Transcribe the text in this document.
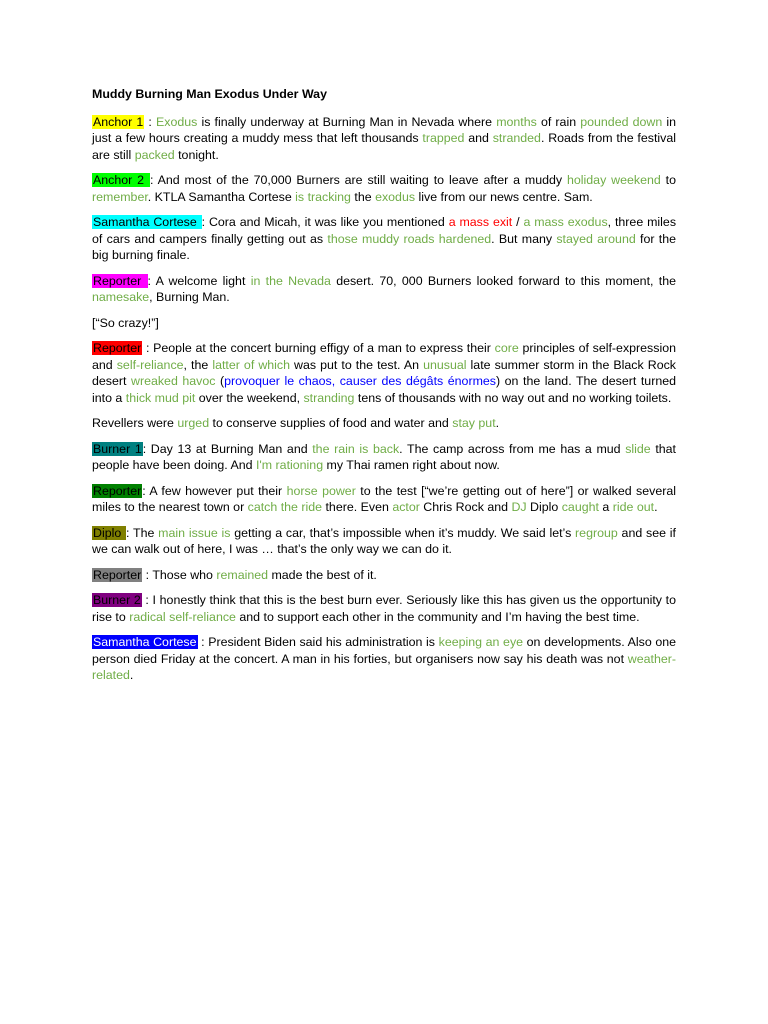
Muddy Burning Man Exodus Under Way
Anchor 1 : Exodus is finally underway at Burning Man in Nevada where months of rain pounded down in just a few hours creating a muddy mess that left thousands trapped and stranded. Roads from the festival are still packed tonight.
Anchor 2 : And most of the 70,000 Burners are still waiting to leave after a muddy holiday weekend to remember. KTLA Samantha Cortese is tracking the exodus live from our news centre. Sam.
Samantha Cortese : Cora and Micah, it was like you mentioned a mass exit / a mass exodus, three miles of cars and campers finally getting out as those muddy roads hardened. But many stayed around for the big burning finale.
Reporter : A welcome light in the Nevada desert. 70, 000 Burners looked forward to this moment, the namesake, Burning Man.
[“So crazy!”]
Reporter : People at the concert burning effigy of a man to express their core principles of self-expression and self-reliance, the latter of which was put to the test. An unusual late summer storm in the Black Rock desert wreaked havoc (provoquer le chaos, causer des dégâts énormes) on the land. The desert turned into a thick mud pit over the weekend, stranding tens of thousands with no way out and no working toilets.
Revellers were urged to conserve supplies of food and water and stay put.
Burner 1: Day 13 at Burning Man and the rain is back. The camp across from me has a mud slide that people have been doing. And I'm rationing my Thai ramen right about now.
Reporter: A few however put their horse power to the test [“we’re getting out of here”] or walked several miles to the nearest town or catch the ride there. Even actor Chris Rock and DJ Diplo caught a ride out.
Diplo : The main issue is getting a car, that’s impossible when it’s muddy. We said let’s regroup and see if we can walk out of here, I was … that’s the only way we can do it.
Reporter : Those who remained made the best of it.
Burner 2 : I honestly think that this is the best burn ever. Seriously like this has given us the opportunity to rise to radical self-reliance and to support each other in the community and I’m having the best time.
Samantha Cortese : President Biden said his administration is keeping an eye on developments. Also one person died Friday at the concert. A man in his forties, but organisers now say his death was not weather-related.
